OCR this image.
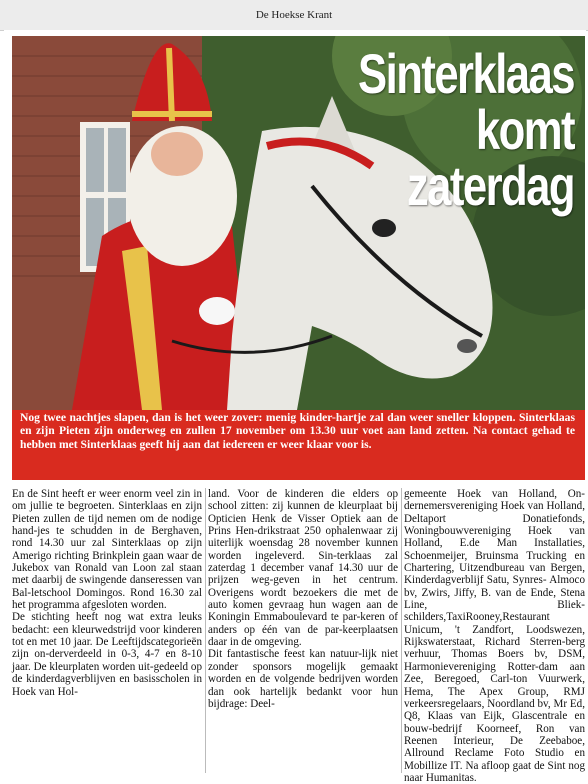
De Hoekse Krant
Sinterklaas komt
zaterdag

Nog twee nachtjes slapen, dan is het weer zover: menig kinder-hartje zal dan weer sneller kloppen. Sinterklaas en zijn Pieten zijn onderweg en zullen 17 november om 13.30 uur voet aan land zetten. Na contact gehad te hebben met Sinterklaas geeft hij aan dat iedereen er weer klaar voor is.

En de Sint heeft er weer enorm veel zin in om jullie te begroeten. Sinterklaas en zijn Pieten zullen de tijd nemen om de nodige hand-jes te schudden in de Berghaven, rond 14.30 uur zal Sinterklaas op zijn Amerigo richting Brinkplein gaan waar de Jukebox van Ronald van Loon zal staan met daarbij de swingende danseressen van Bal-letschool Domingos. Rond 16.30 zal het programma afgesloten worden.

De stichting heeft nog wat extra leuks bedacht: een kleurwedstrijd voor kinderen tot en met 10 jaar. De Leeftijdscategorieën zijn on-derverdeeld in 0-3, 4-7 en 8-10 jaar. De kleurplaten worden uit-gedeeld op de kinderdagverblijven en basisscholen in Hoek van Hol-

land. Voor de kinderen die elders op school zitten: zij kunnen de kleurplaat bij Opticien Henk de Visser Optiek aan de Prins Hen-drikstraat 250 ophalenwaar zij uiterlijk woensdag 28 november kunnen worden ingeleverd. Sin-terklaas zal zaterdag 1 december vanaf 14.30 uur de prijzen weg-geven in het centrum. Overigens wordt bezoekers die met de auto komen gevraag hun wagen aan de Koningin Emmaboulevard te par-keren of anders op één van de par-keerplaatsen daar in de omgeving.

Dit fantastische feest kan natuur-lijk niet zonder sponsors mogelijk gemaakt worden en de volgende bedrijven worden dan ook hartelijk bedankt voor hun bijdrage: Deel-

gemeente Hoek van Holland, On-dernemersvereniging Hoek van Holland, Deltaport Donatiefonds, Woningbouwvereniging Hoek van Holland, E.de Man Installaties, Schoenmeijer, Bruinsma Trucking en Chartering, Uitzendbureau van Bergen, Kinderdagverblijf Satu, Synres- Almoco bv, Zwirs, Jiffy, B. van de Ende, Stena Line, Bliek-schilders,TaxiRooney,Restaurant Unicum, 't Zandfort, Loodswezen, Rijkswaterstaat, Richard Sterren-berg verhuur, Thomas Boers bv, DSM, Harmonievereniging Rotter-dam aan Zee, Beregoed, Carl-ton Vuurwerk, Hema, The Apex Group, RMJ verkeersregelaars, Noordland bv, Mr Ed, Q8, Klaas van Eijk, Glascentrale en bouw-bedrijf Koorneef, Ron van Reenen Interieur, De Zeebaboe, Allround Reclame Foto Studio en Mobillize IT. Na afloop gaat de Sint nog naar Humanitas.
